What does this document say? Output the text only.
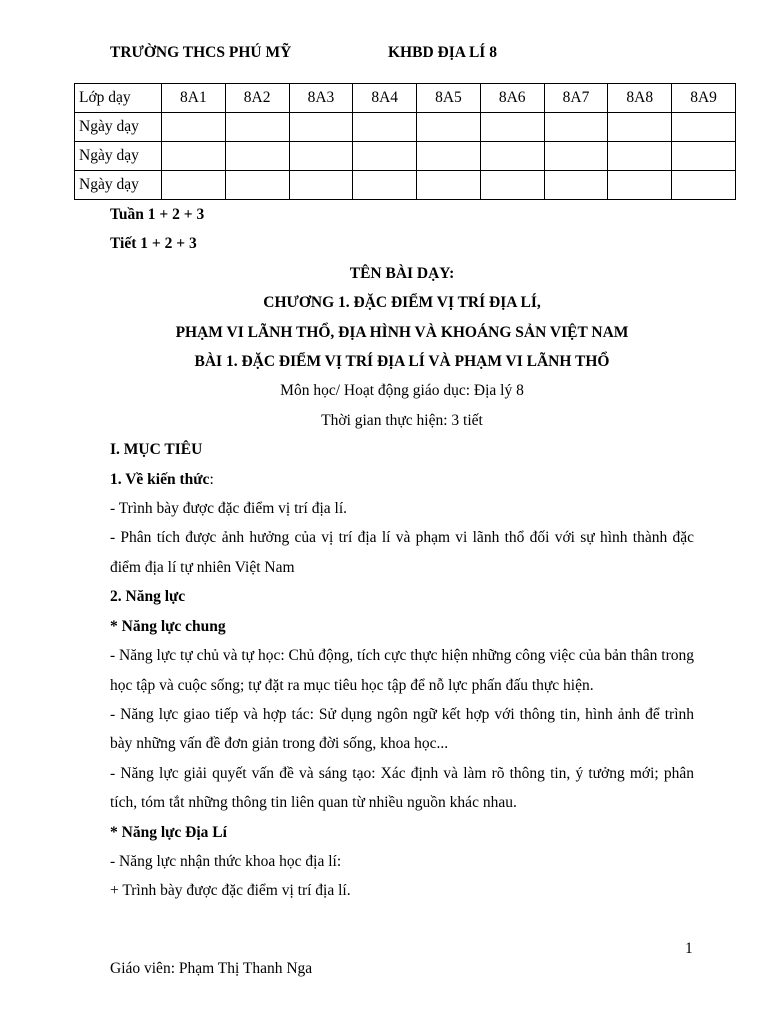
TRƯỜNG THCS PHÚ MỸ	KHBD ĐỊA LÍ 8
Lớp dạy	8A1	8A2	8A3	8A4	8A5	8A6	8A7	8A8	8A9
Ngày dạy									
Ngày dạy									
Ngày dạy									

Tuần 1 + 2 + 3

Tiết 1 + 2 + 3

TÊN BÀI DẠY:

CHƯƠNG 1. ĐẶC ĐIỂM VỊ TRÍ ĐỊA LÍ,

PHẠM VI LÃNH THỔ, ĐỊA HÌNH VÀ KHOÁNG SẢN VIỆT NAM

BÀI 1. ĐẶC ĐIỂM VỊ TRÍ ĐỊA LÍ VÀ PHẠM VI LÃNH THỔ

Môn học/ Hoạt động giáo dục: Địa lý 8

Thời gian thực hiện: 3 tiết

I. MỤC TIÊU

1. Về kiến thức:

- Trình bày được đặc điểm vị trí địa lí.

- Phân tích được ảnh hưởng của vị trí địa lí và phạm vi lãnh thổ đối với sự hình thành đặc điểm địa lí tự nhiên Việt Nam

2. Năng lực

* Năng lực chung

- Năng lực tự chủ và tự học: Chủ động, tích cực thực hiện những công việc của bản thân trong học tập và cuộc sống; tự đặt ra mục tiêu học tập để nỗ lực phấn đấu thực hiện.

- Năng lực giao tiếp và hợp tác: Sử dụng ngôn ngữ kết hợp với thông tin, hình ảnh để trình bày những vấn đề đơn giản trong đời sống, khoa học...

- Năng lực giải quyết vấn đề và sáng tạo: Xác định và làm rõ thông tin, ý tưởng mới; phân tích, tóm tắt những thông tin liên quan từ nhiều nguồn khác nhau.

* Năng lực Địa Lí

- Năng lực nhận thức khoa học địa lí:

+ Trình bày được đặc điểm vị trí địa lí.

1
Giáo viên: Phạm Thị Thanh Nga
